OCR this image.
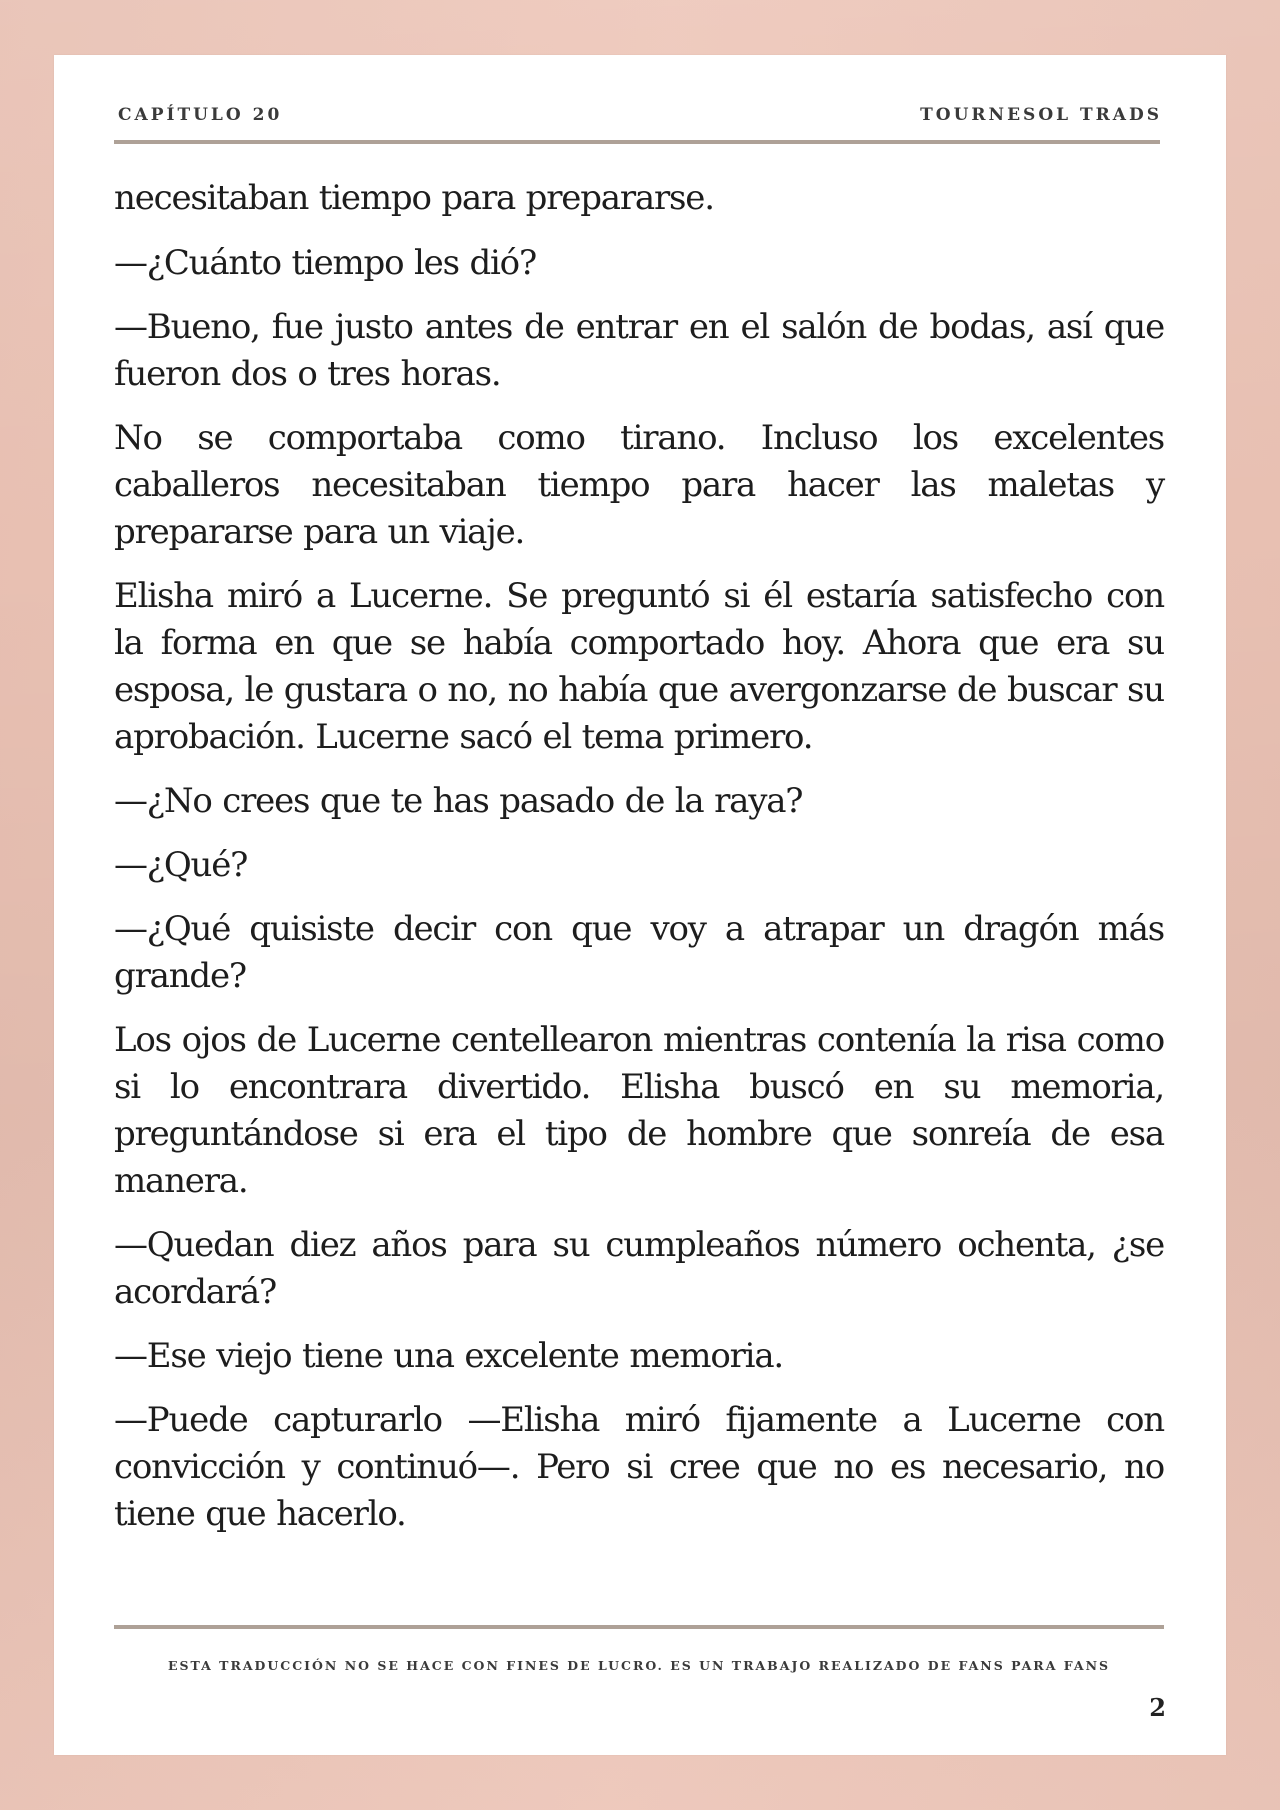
CAPÍTULO 20	TOURNESOL TRADS

necesitaban tiempo para prepararse.

—¿Cuánto tiempo les dió?

—Bueno, fue justo antes de entrar en el salón de bodas, así que fueron dos o tres horas.

No se comportaba como tirano. Incluso los excelentes caballeros necesitaban tiempo para hacer las maletas y prepararse para un viaje.

Elisha miró a Lucerne. Se preguntó si él estaría satisfecho con la forma en que se había comportado hoy. Ahora que era su esposa, le gustara o no, no había que avergonzarse de buscar su aprobación. Lucerne sacó el tema primero.

—¿No crees que te has pasado de la raya?

—¿Qué?

—¿Qué quisiste decir con que voy a atrapar un dragón más grande?

Los ojos de Lucerne centellearon mientras contenía la risa como si lo encontrara divertido. Elisha buscó en su memoria, preguntándose si era el tipo de hombre que sonreía de esa manera.

—Quedan diez años para su cumpleaños número ochenta, ¿se acordará?

—Ese viejo tiene una excelente memoria.

—Puede capturarlo —Elisha miró fijamente a Lucerne con convicción y continuó—. Pero si cree que no es necesario, no tiene que hacerlo.

ESTA TRADUCCIÓN NO SE HACE CON FINES DE LUCRO. ES UN TRABAJO REALIZADO DE FANS PARA FANS
2
